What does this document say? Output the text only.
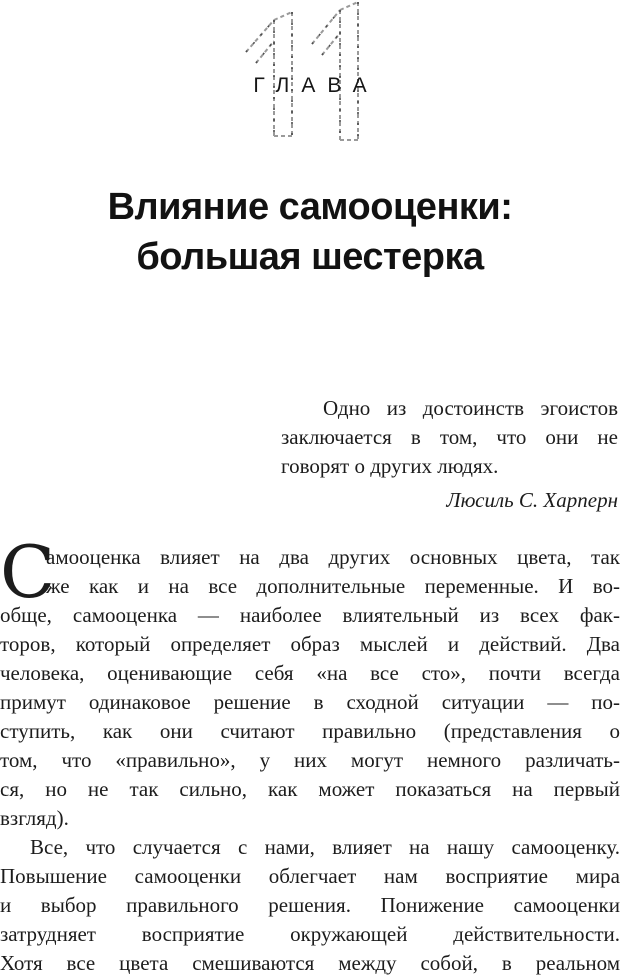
ГЛАВА
Влияние самооценки:
большая шестерка
Одно из достоинств эгоистов
заключается в том, что они не
говорят о других людях.
Люсиль С. Харперн
С
амооценка влияет на два других основных цвета, так
же как и на все дополнительные переменные. И во-
обще, самооценка — наиболее влиятельный из всех фак-
торов, который определяет образ мыслей и действий. Два
человека, оценивающие себя «на все сто», почти всегда
примут одинаковое решение в сходной ситуации — по-
ступить, как они считают правильно (представления о
том, что «правильно», у них могут немного различать-
ся, но не так сильно, как может показаться на первый
взгляд).
Все, что случается с нами, влияет на нашу самооценку.
Повышение самооценки облегчает нам восприятие мира
и выбор правильного решения. Понижение самооценки
затрудняет восприятие окружающей действительности.
Хотя все цвета смешиваются между собой, в реальном
